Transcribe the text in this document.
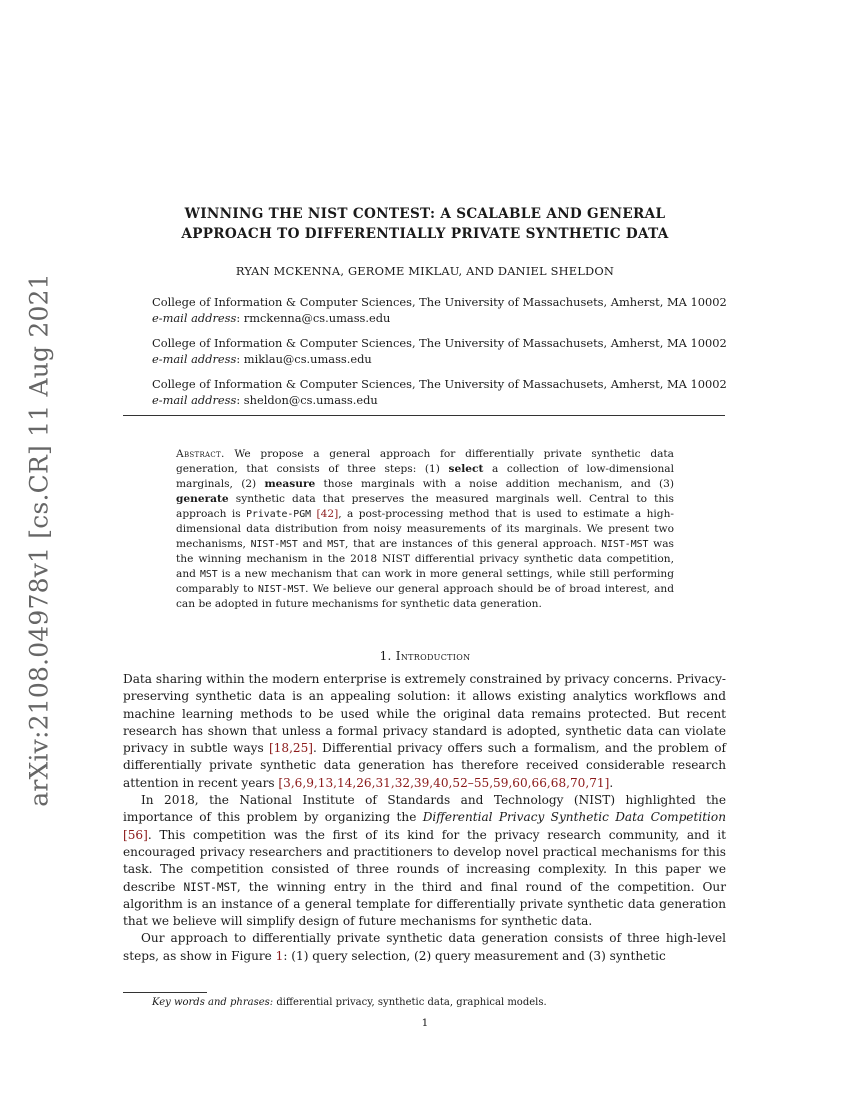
arXiv:2108.04978v1 [cs.CR] 11 Aug 2021
WINNING THE NIST CONTEST: A SCALABLE AND GENERAL
APPROACH TO DIFFERENTIALLY PRIVATE SYNTHETIC DATA
RYAN MCKENNA, GEROME MIKLAU, AND DANIEL SHELDON
College of Information & Computer Sciences, The University of Massachusets, Amherst, MA 10002
e-mail address: rmckenna@cs.umass.edu
College of Information & Computer Sciences, The University of Massachusets, Amherst, MA 10002
e-mail address: miklau@cs.umass.edu
College of Information & Computer Sciences, The University of Massachusets, Amherst, MA 10002
e-mail address: sheldon@cs.umass.edu
Abstract. We propose a general approach for differentially private synthetic data generation, that consists of three steps: (1) select a collection of low-dimensional marginals, (2) measure those marginals with a noise addition mechanism, and (3) generate synthetic data that preserves the measured marginals well. Central to this approach is Private-PGM [42], a post-processing method that is used to estimate a high-dimensional data distribution from noisy measurements of its marginals. We present two mechanisms, NIST-MST and MST, that are instances of this general approach. NIST-MST was the winning mechanism in the 2018 NIST differential privacy synthetic data competition, and MST is a new mechanism that can work in more general settings, while still performing comparably to NIST-MST. We believe our general approach should be of broad interest, and can be adopted in future mechanisms for synthetic data generation.
1. Introduction

Data sharing within the modern enterprise is extremely constrained by privacy concerns. Privacy-preserving synthetic data is an appealing solution: it allows existing analytics workflows and machine learning methods to be used while the original data remains protected. But recent research has shown that unless a formal privacy standard is adopted, synthetic data can violate privacy in subtle ways [18,25]. Differential privacy offers such a formalism, and the problem of differentially private synthetic data generation has therefore received considerable research attention in recent years [3,6,9,13,14,26,31,32,39,40,52–55,59,60,66,68,70,71].

In 2018, the National Institute of Standards and Technology (NIST) highlighted the importance of this problem by organizing the Differential Privacy Synthetic Data Competition [56]. This competition was the first of its kind for the privacy research community, and it encouraged privacy researchers and practitioners to develop novel practical mechanisms for this task. The competition consisted of three rounds of increasing complexity. In this paper we describe NIST-MST, the winning entry in the third and final round of the competition. Our algorithm is an instance of a general template for differentially private synthetic data generation that we believe will simplify design of future mechanisms for synthetic data.

Our approach to differentially private synthetic data generation consists of three high-level steps, as show in Figure 1: (1) query selection, (2) query measurement and (3) synthetic

Key words and phrases: differential privacy, synthetic data, graphical models.
1
